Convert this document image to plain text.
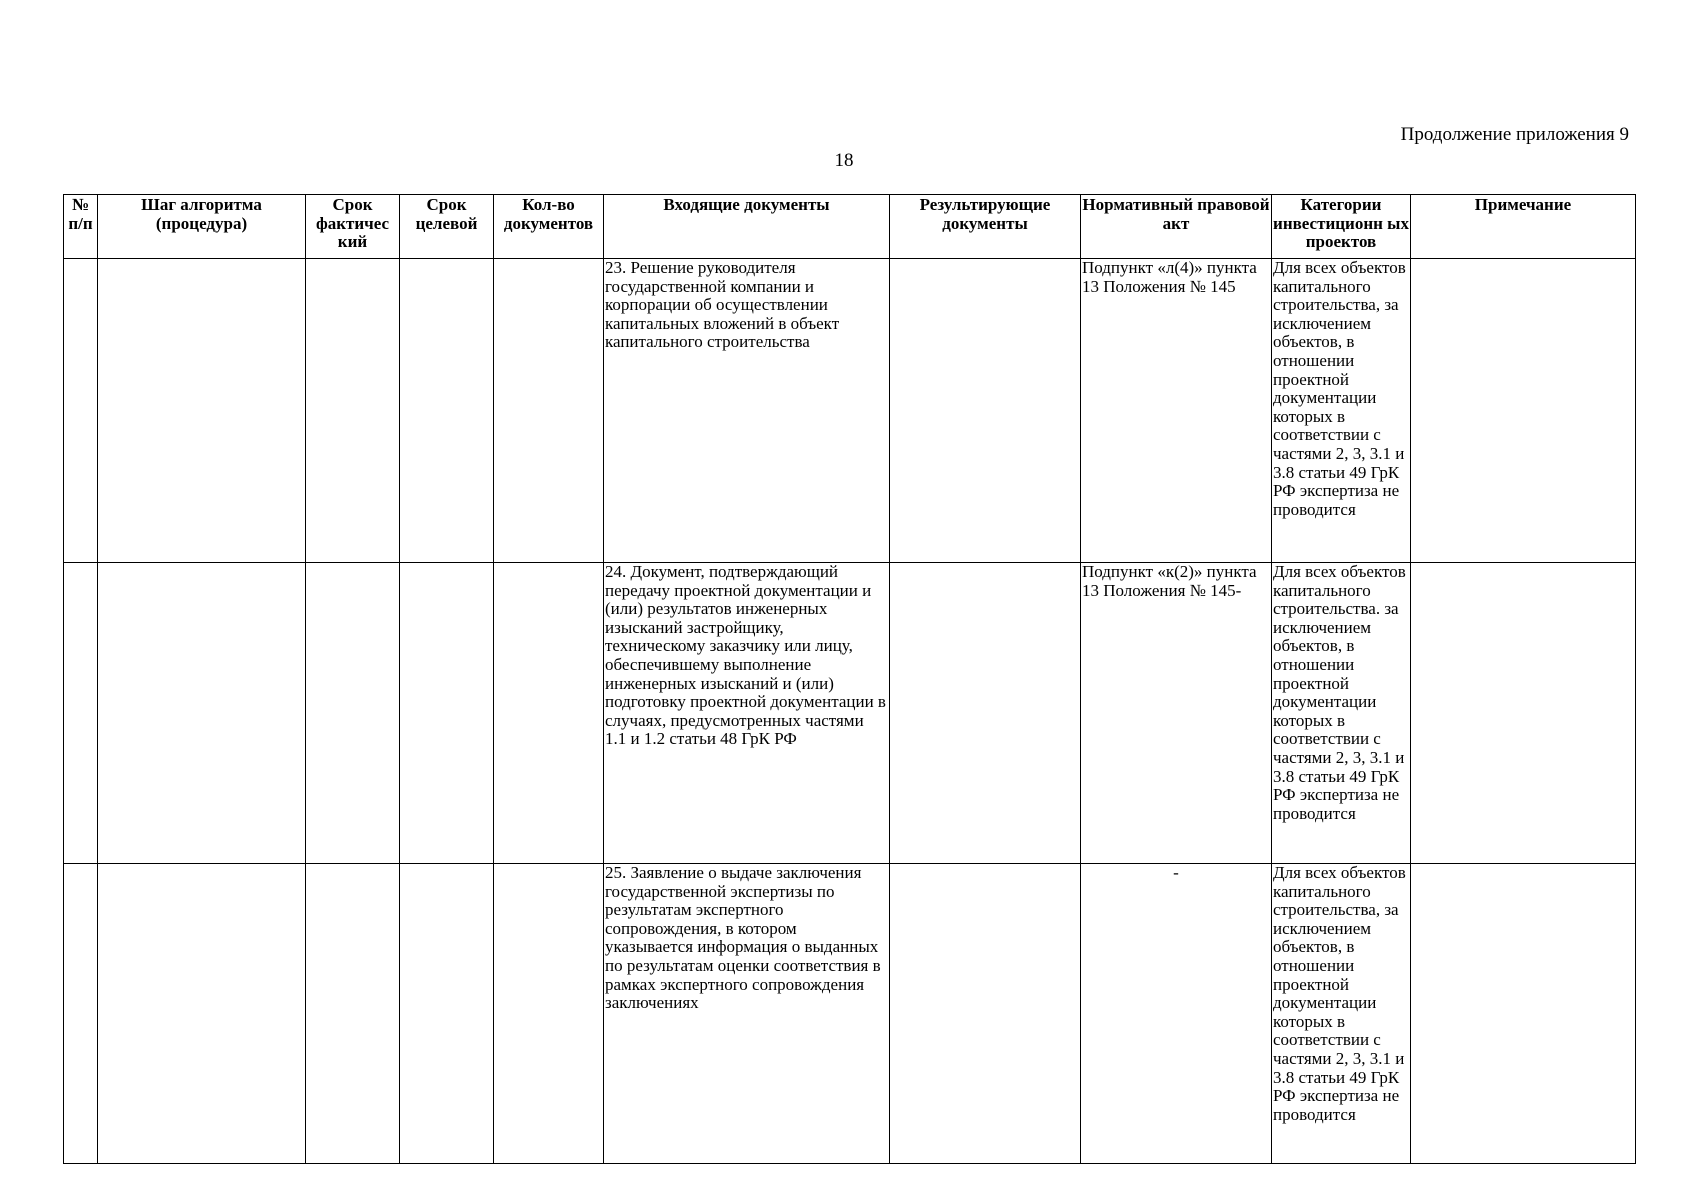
Продолжение приложения 9
18
№ п/п	Шаг алгоритма (процедура)	Срок фактичес кий	Срок целевой	Кол-во документов	Входящие документы	Результирующие документы	Нормативный правовой акт	Категории инвестиционн ых проектов	Примечание
					23. Решение руководителя государственной компании и корпорации об осуществлении капитальных вложений в объект капитального строительства		Подпункт «л(4)» пункта 13 Положения № 145	Для всех объектов капитального строительства, за исключением объектов, в отношении проектной документации которых в соответствии с частями 2, 3, 3.1 и 3.8 статьи 49 ГрК РФ экспертиза не проводится	
					24. Документ, подтверждающий передачу проектной документации и (или) результатов инженерных изысканий застройщику, техническому заказчику или лицу, обеспечившему выполнение инженерных изысканий и (или) подготовку проектной документации в случаях, предусмотренных частями 1.1 и 1.2 статьи 48 ГрК РФ		Подпункт «к(2)» пункта 13 Положения № 145-	Для всех объектов капитального строительства. за исключением объектов, в отношении проектной документации которых в соответствии с частями 2, 3, 3.1 и 3.8 статьи 49 ГрК РФ экспертиза не проводится	
					25. Заявление о выдаче заключения государственной экспертизы по результатам экспертного сопровождения, в котором указывается информация о выданных по результатам оценки соответствия в рамках экспертного сопровождения заключениях		-	Для всех объектов капитального строительства, за исключением объектов, в отношении проектной документации которых в соответствии с частями 2, 3, 3.1 и 3.8 статьи 49 ГрК РФ экспертиза не проводится	
